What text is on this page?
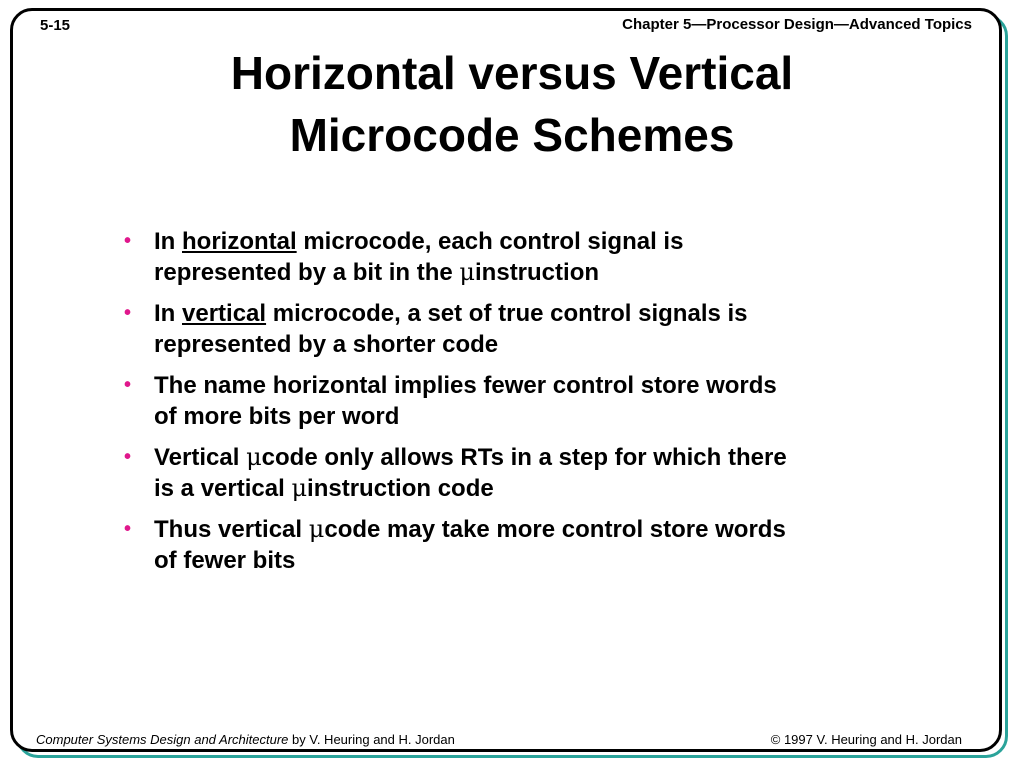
5-15	Chapter 5—Processor Design—Advanced Topics
Horizontal versus Vertical
Microcode Schemes
• In horizontal microcode, each control signal is
represented by a bit in the μinstruction
• In vertical microcode, a set of true control signals is
represented by a shorter code
• The name horizontal implies fewer control store words
of more bits per word
• Vertical μcode only allows RTs in a step for which there
is a vertical μinstruction code
• Thus vertical μcode may take more control store words
of fewer bits
Computer Systems Design and Architecture by V. Heuring and H. Jordan	© 1997 V. Heuring and H. Jordan
